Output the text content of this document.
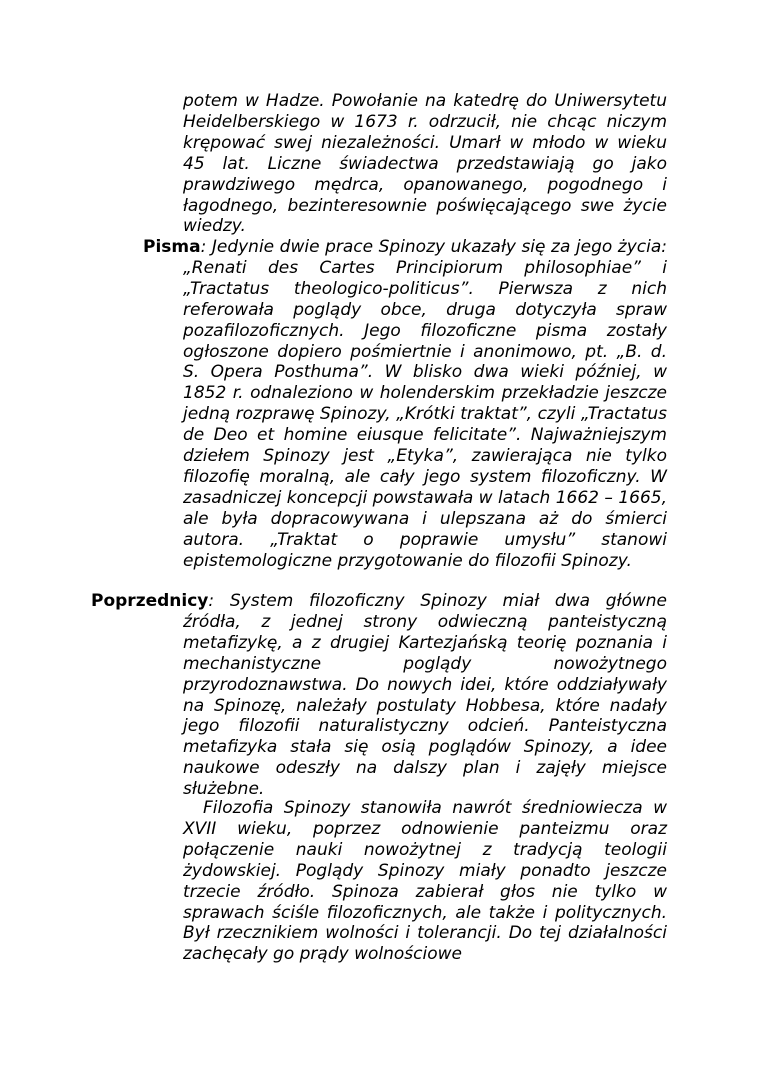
potem w Hadze. Powołanie na katedrę do Uniwersytetu Heidelberskiego w 1673 r. odrzucił, nie chcąc niczym krępować swej niezależności. Umarł w młodo w wieku 45 lat. Liczne świadectwa przedstawiają go jako prawdziwego mędrca, opanowanego, pogodnego i łagodnego, bezinteresownie poświęcającego swe życie wiedzy.

Pisma: Jedynie dwie prace Spinozy ukazały się za jego życia: „Renati des Cartes Principiorum philosophiae” i „Tractatus theologico-politicus”. Pierwsza z nich referowała poglądy obce, druga dotyczyła spraw pozafilozoficznych. Jego filozoficzne pisma zostały ogłoszone dopiero pośmiertnie i anonimowo, pt. „B. d. S. Opera Posthuma”. W blisko dwa wieki później, w 1852 r. odnaleziono w holenderskim przekładzie jeszcze jedną rozprawę Spinozy, „Krótki traktat”, czyli „Tractatus de Deo et homine eiusque felicitate”. Najważniejszym dziełem Spinozy jest „Etyka”, zawierająca nie tylko filozofię moralną, ale cały jego system filozoficzny. W zasadniczej koncepcji powstawała w latach 1662 – 1665, ale była dopracowywana i ulepszana aż do śmierci autora. „Traktat o poprawie umysłu” stanowi epistemologiczne przygotowanie do filozofii Spinozy.

Poprzednicy: System filozoficzny Spinozy miał dwa główne źródła, z jednej strony odwieczną panteistyczną metafizykę, a z drugiej Kartezjańską teorię poznania i mechanistyczne poglądy nowożytnego przyrodoznawstwa. Do nowych idei, które oddziaływały na Spinozę, należały postulaty Hobbesa, które nadały jego filozofii naturalistyczny odcień. Panteistyczna metafizyka stała się osią poglądów Spinozy, a idee naukowe odeszły na dalszy plan i zajęły miejsce służebne.

Filozofia Spinozy stanowiła nawrót średniowiecza w XVII wieku, poprzez odnowienie panteizmu oraz połączenie nauki nowożytnej z tradycją teologii żydowskiej. Poglądy Spinozy miały ponadto jeszcze trzecie źródło. Spinoza zabierał głos nie tylko w sprawach ściśle filozoficznych, ale także i politycznych. Był rzecznikiem wolności i tolerancji. Do tej działalności zachęcały go prądy wolnościowe
